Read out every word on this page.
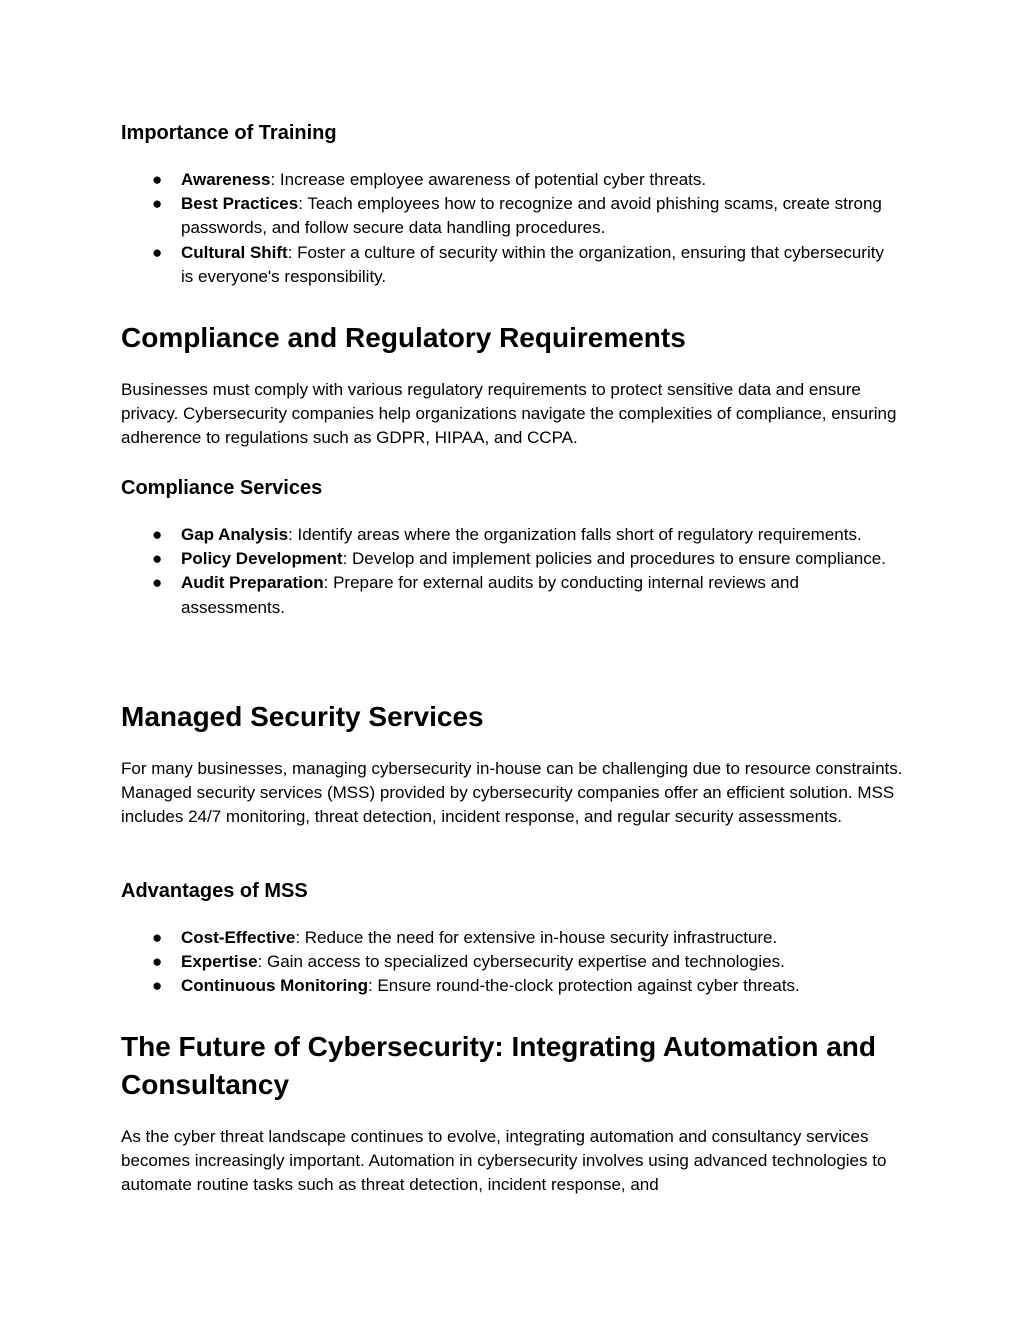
Importance of Training
● Awareness: Increase employee awareness of potential cyber threats.
● Best Practices: Teach employees how to recognize and avoid phishing scams, create strong passwords, and follow secure data handling procedures.
● Cultural Shift: Foster a culture of security within the organization, ensuring that cybersecurity is everyone's responsibility.
Compliance and Regulatory Requirements

Businesses must comply with various regulatory requirements to protect sensitive data and ensure privacy. Cybersecurity companies help organizations navigate the complexities of compliance, ensuring adherence to regulations such as GDPR, HIPAA, and CCPA.

Compliance Services
● Gap Analysis: Identify areas where the organization falls short of regulatory requirements.
● Policy Development: Develop and implement policies and procedures to ensure compliance.
● Audit Preparation: Prepare for external audits by conducting internal reviews and assessments.
Managed Security Services

For many businesses, managing cybersecurity in-house can be challenging due to resource constraints. Managed security services (MSS) provided by cybersecurity companies offer an efficient solution. MSS includes 24/7 monitoring, threat detection, incident response, and regular security assessments.

Advantages of MSS
● Cost-Effective: Reduce the need for extensive in-house security infrastructure.
● Expertise: Gain access to specialized cybersecurity expertise and technologies.
● Continuous Monitoring: Ensure round-the-clock protection against cyber threats.
The Future of Cybersecurity: Integrating Automation and Consultancy

As the cyber threat landscape continues to evolve, integrating automation and consultancy services becomes increasingly important. Automation in cybersecurity involves using advanced technologies to automate routine tasks such as threat detection, incident response, and
